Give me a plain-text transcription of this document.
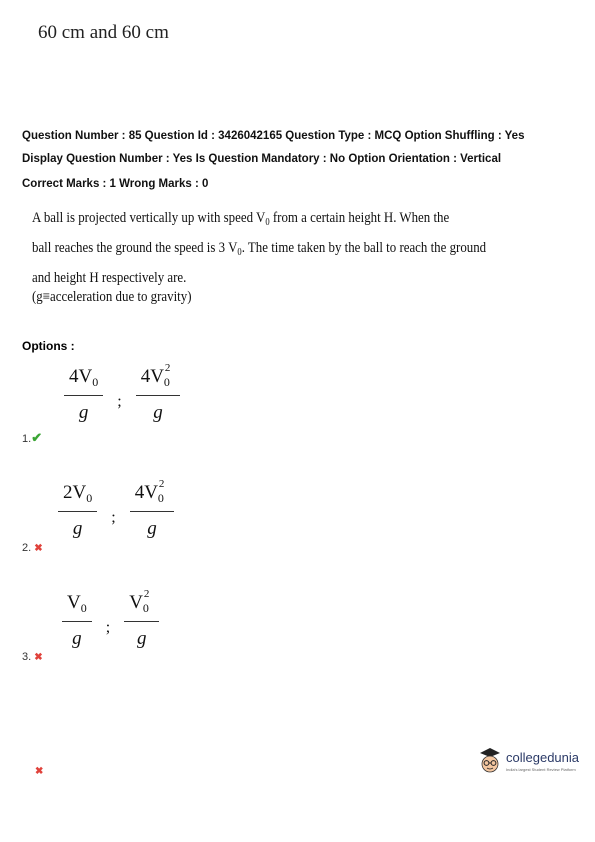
60 cm and 60 cm
Question Number : 85 Question Id : 3426042165 Question Type : MCQ Option Shuffling : Yes
Display Question Number : Yes Is Question Mandatory : No Option Orientation : Vertical
Correct Marks : 1 Wrong Marks : 0
A ball is projected vertically up with speed $V_0$ from a certain height H. When the
ball reaches the ground the speed is 3 $V_0$. The time taken by the ball to reach the ground
and height H respectively are.
(g≡acceleration due to gravity)
Options :
$\frac{4V_0}{g}$ ; $\frac{4V_0^2}{g}$
1.✔
$\frac{2V_0}{g}$ ; $\frac{4V_0^2}{g}$
2. ✖
$\frac{V_0}{g}$ ; $\frac{V_0^2}{g}$
3. ✖
✖
collegedunia
India's largest Student Review Platform
